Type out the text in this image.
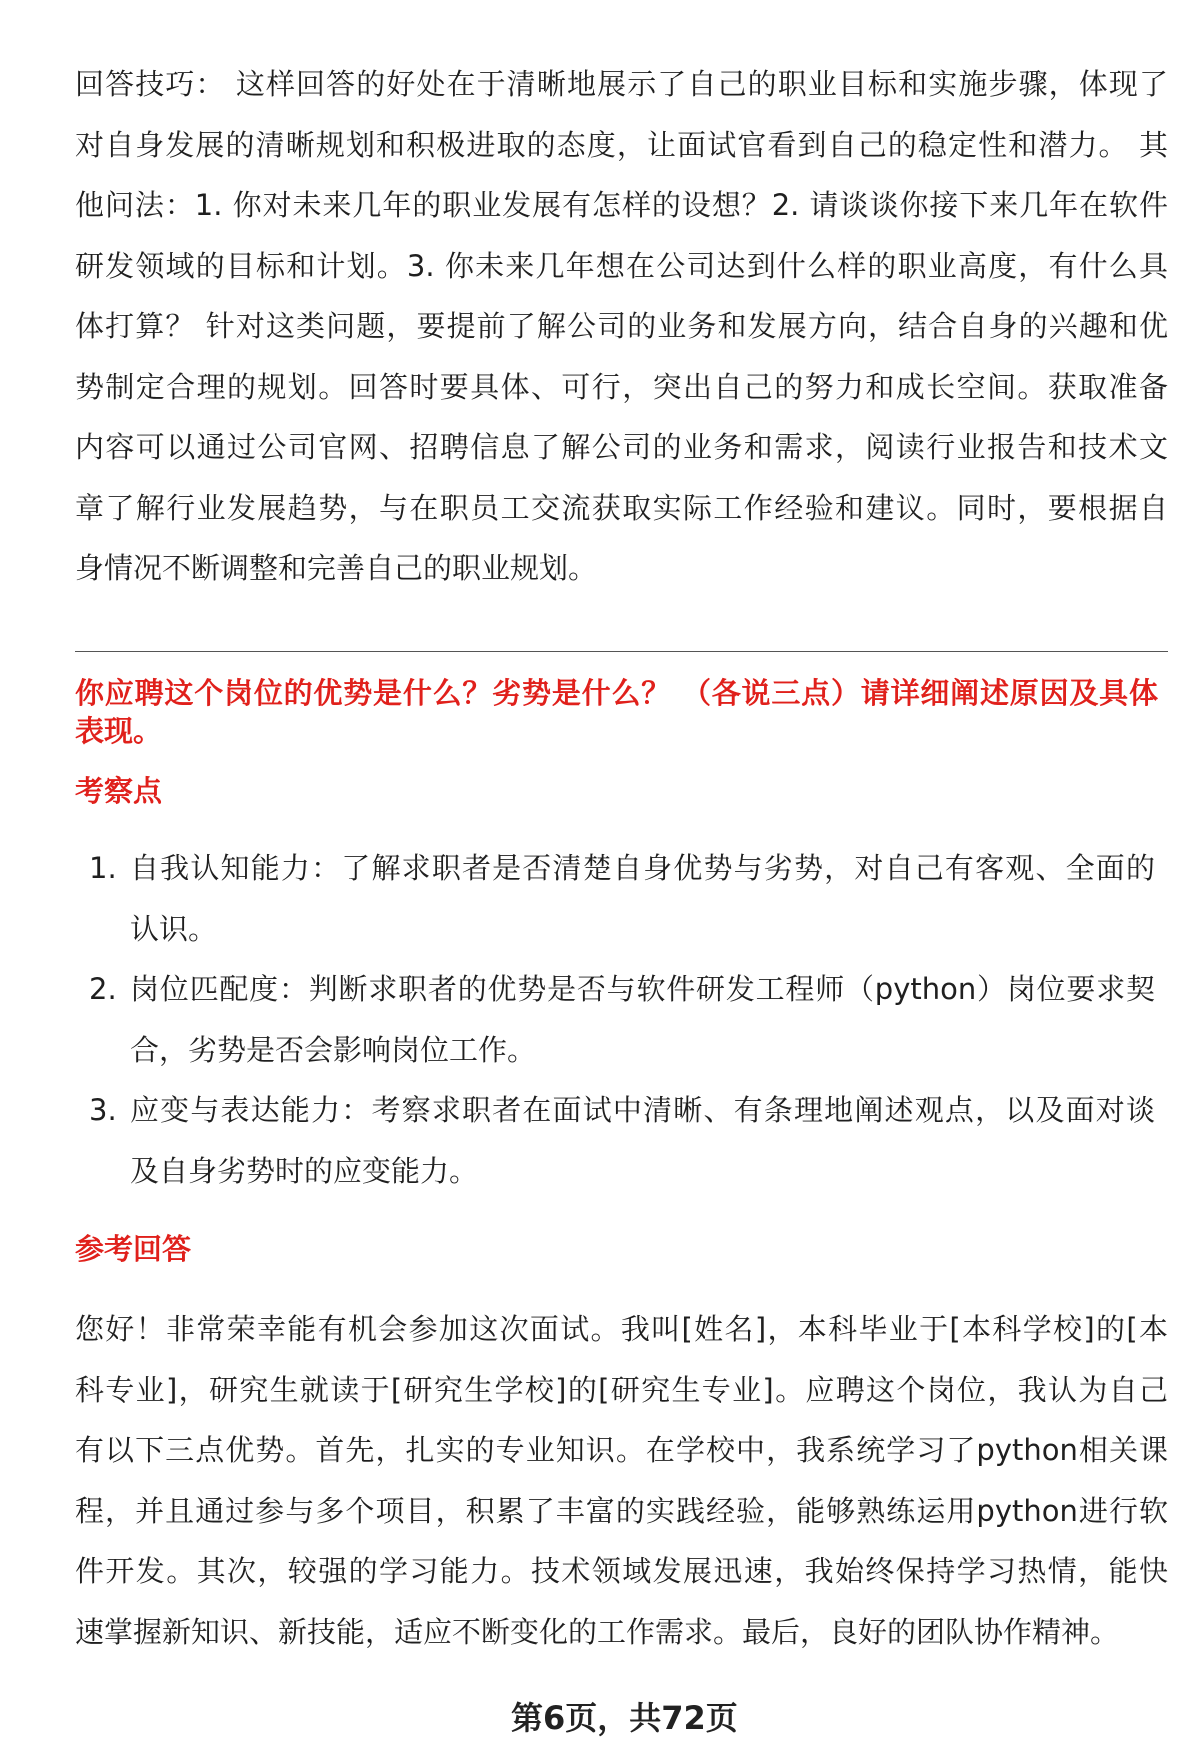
回答技巧： 这样回答的好处在于清晰地展示了自己的职业目标和实施步骤，体现了
对自身发展的清晰规划和积极进取的态度，让面试官看到自己的稳定性和潜力。 其
他问法：1. 你对未来几年的职业发展有怎样的设想？2. 请谈谈你接下来几年在软件
研发领域的目标和计划。3. 你未来几年想在公司达到什么样的职业高度，有什么具
体打算？ 针对这类问题，要提前了解公司的业务和发展方向，结合自身的兴趣和优
势制定合理的规划。回答时要具体、可行，突出自己的努力和成长空间。获取准备
内容可以通过公司官网、招聘信息了解公司的业务和需求，阅读行业报告和技术文
章了解行业发展趋势，与在职员工交流获取实际工作经验和建议。同时，要根据自
身情况不断调整和完善自己的职业规划。
你应聘这个岗位的优势是什么？劣势是什么？ （各说三点）请详细阐述原因及具体
表现。
考察点
1. 自我认知能力：了解求职者是否清楚自身优势与劣势，对自己有客观、全面的
认识。
2. 岗位匹配度：判断求职者的优势是否与软件研发工程师（python）岗位要求契
合，劣势是否会影响岗位工作。
3. 应变与表达能力：考察求职者在面试中清晰、有条理地阐述观点，以及面对谈
及自身劣势时的应变能力。
参考回答
您好！非常荣幸能有机会参加这次面试。我叫[姓名]，本科毕业于[本科学校]的[本
科专业]，研究生就读于[研究生学校]的[研究生专业]。应聘这个岗位，我认为自己
有以下三点优势。首先，扎实的专业知识。在学校中，我系统学习了python相关课
程，并且通过参与多个项目，积累了丰富的实践经验，能够熟练运用python进行软
件开发。其次，较强的学习能力。技术领域发展迅速，我始终保持学习热情，能快
速掌握新知识、新技能，适应不断变化的工作需求。最后，良好的团队协作精神。
第6页，共72页
